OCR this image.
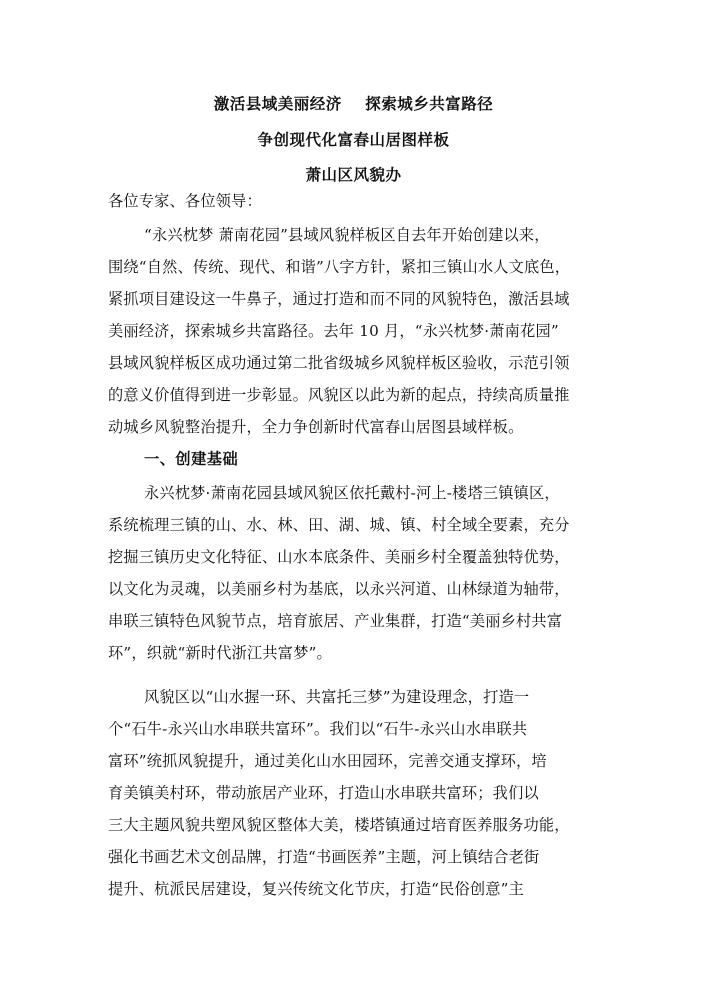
激活县域美丽经济    探索城乡共富路径
争创现代化富春山居图样板
萧山区风貌办
各位专家、各位领导：
“永兴枕梦 萧南花园”县域风貌样板区自去年开始创建以来，
围绕“自然、传统、现代、和谐”八字方针，紧扣三镇山水人文底色，
紧抓项目建设这一牛鼻子，通过打造和而不同的风貌特色，激活县域
美丽经济，探索城乡共富路径。去年 10 月，“永兴枕梦·萧南花园”
县域风貌样板区成功通过第二批省级城乡风貌样板区验收，示范引领
的意义价值得到进一步彰显。风貌区以此为新的起点，持续高质量推
动城乡风貌整治提升，全力争创新时代富春山居图县域样板。
一、创建基础
永兴枕梦·萧南花园县域风貌区依托戴村-河上-楼塔三镇镇区，
系统梳理三镇的山、水、林、田、湖、城、镇、村全域全要素，充分
挖掘三镇历史文化特征、山水本底条件、美丽乡村全覆盖独特优势，
以文化为灵魂，以美丽乡村为基底，以永兴河道、山林绿道为轴带，
串联三镇特色风貌节点，培育旅居、产业集群，打造“美丽乡村共富
环”，织就“新时代浙江共富梦”。
风貌区以“山水握一环、共富托三梦”为建设理念，打造一
个“石牛-永兴山水串联共富环”。我们以“石牛-永兴山水串联共
富环”统抓风貌提升，通过美化山水田园环，完善交通支撑环，培
育美镇美村环，带动旅居产业环，打造山水串联共富环；我们以
三大主题风貌共塑风貌区整体大美，楼塔镇通过培育医养服务功能，
强化书画艺术文创品牌，打造“书画医养”主题，河上镇结合老街
提升、杭派民居建设，复兴传统文化节庆，打造“民俗创意”主
